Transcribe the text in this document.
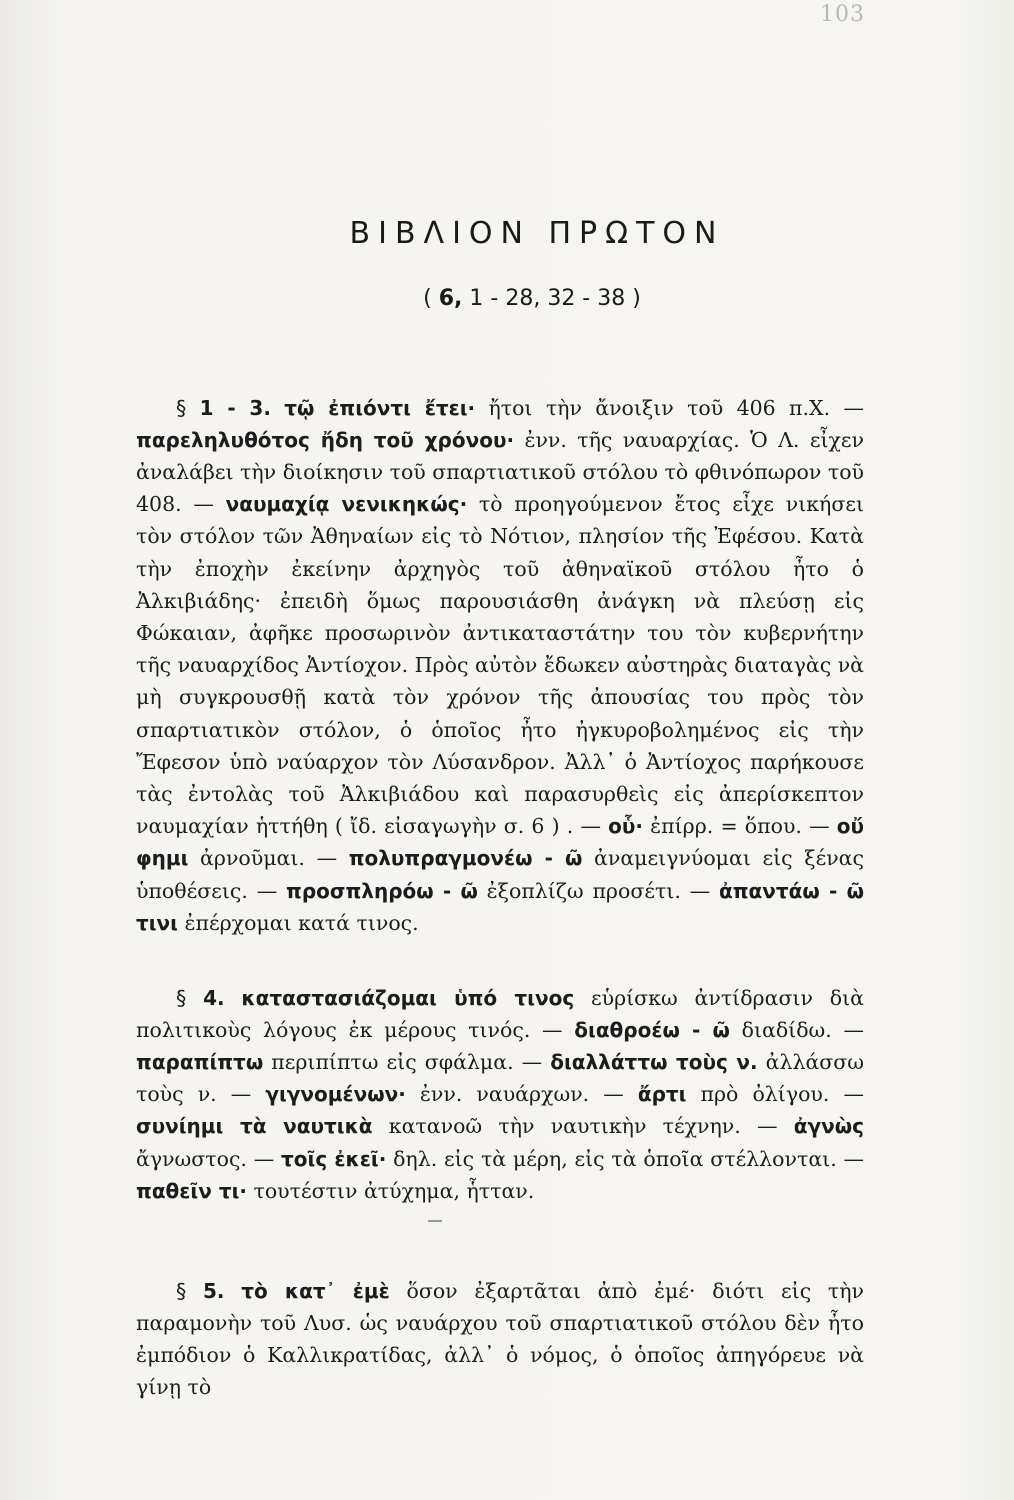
103
ΒΙΒΛΙΟΝ ΠΡΩΤΟΝ
( 6, 1 - 28, 32 - 38 )

§ 1 - 3. τῷ ἐπιόντι ἔτει· ἤτοι τὴν ἄνοιξιν τοῦ 406 π.Χ. — παρεληλυθότος ἤδη τοῦ χρόνου· ἐνν. τῆς ναυαρχίας. Ὁ Λ. εἶχεν ἀναλάβει τὴν διοίκησιν τοῦ σπαρτιατικοῦ στόλου τὸ φθινόπωρον τοῦ 408. — ναυμαχίᾳ νενικηκώς· τὸ προηγούμενον ἔτος εἶχε νικήσει τὸν στόλον τῶν Ἀθηναίων εἰς τὸ Νότιον, πλησίον τῆς Ἐφέσου. Κατὰ τὴν ἐποχὴν ἐκείνην ἀρχηγὸς τοῦ ἀθηναϊκοῦ στόλου ἦτο ὁ Ἀλκιβιάδης· ἐπειδὴ ὅμως παρουσιάσθη ἀνάγκη νὰ πλεύσῃ εἰς Φώκαιαν, ἀφῆκε προσωρινὸν ἀντικαταστάτην του τὸν κυβερνήτην τῆς ναυαρχίδος Ἀντίοχον. Πρὸς αὐτὸν ἔδωκεν αὐστηρὰς διαταγὰς νὰ μὴ συγκρουσθῇ κατὰ τὸν χρόνον τῆς ἀπουσίας του πρὸς τὸν σπαρτιατικὸν στόλον, ὁ ὁποῖος ἦτο ἠγκυροβολημένος εἰς τὴν Ἔφεσον ὑπὸ ναύαρχον τὸν Λύσανδρον. Ἀλλ᾽ ὁ Ἀντίοχος παρήκουσε τὰς ἐντολὰς τοῦ Ἀλκιβιάδου καὶ παρασυρθεὶς εἰς ἀπερίσκεπτον ναυμαχίαν ἡττήθη ( ἴδ. εἰσαγωγὴν σ. 6 ) . — οὗ· ἐπίρρ. = ὅπου. — οὔ φημι ἀρνοῦμαι. — πολυπραγμονέω - ῶ ἀναμειγνύομαι εἰς ξένας ὑποθέσεις. — προσπληρόω - ῶ ἐξοπλίζω προσέτι. — ἀπαντάω - ῶ τινι ἐπέρχομαι κατά τινος.

§ 4. καταστασιάζομαι ὑπό τινος εὑρίσκω ἀντίδρασιν διὰ πολιτικοὺς λόγους ἐκ μέρους τινός. — διαθροέω - ῶ διαδίδω. — παραπίπτω περιπίπτω εἰς σφάλμα. — διαλλάττω τοὺς ν. ἀλλάσσω τοὺς ν. — γιγνομένων· ἐνν. ναυάρχων. — ἄρτι πρὸ ὀλίγου. — συνίημι τὰ ναυτικὰ κατανοῶ τὴν ναυτικὴν τέχνην. — ἀγνὼς ἄγνωστος. — τοῖς ἐκεῖ· δηλ. εἰς τὰ μέρη, εἰς τὰ ὁποῖα στέλλονται. — παθεῖν τι· τουτέστιν ἀτύχημα, ἧτταν.

§ 5. τὸ κατ᾽ ἐμὲ ὅσον ἐξαρτᾶται ἀπὸ ἐμέ· διότι εἰς τὴν παραμονὴν τοῦ Λυσ. ὡς ναυάρχου τοῦ σπαρτιατικοῦ στόλου δὲν ἦτο ἐμπόδιον ὁ Καλλικρατίδας, ἀλλ᾽ ὁ νόμος, ὁ ὁποῖος ἀπηγόρευε νὰ γίνῃ τὸ
